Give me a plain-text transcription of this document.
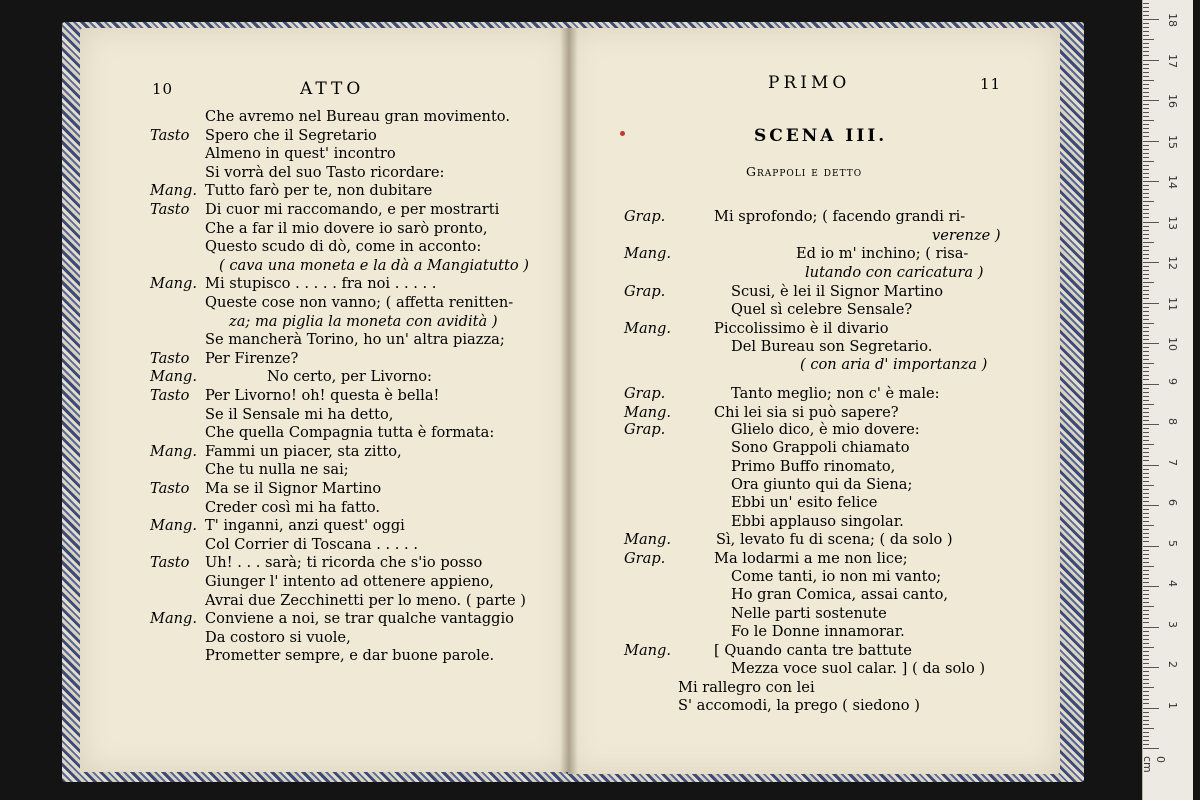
10	ATTO
Che avremo nel Bureau gran movimento.
Tasto Spero che il Segretario
Almeno in quest' incontro
Si vorrà del suo Tasto ricordare:
Mang. Tutto farò per te, non dubitare
Tasto Di cuor mi raccomando, e per mostrarti
Che a far il mio dovere io sarò pronto,
Questo scudo di dò, come in acconto:
( cava una moneta e la dà a Mangiatutto )
Mang. Mi stupisco . . . . . fra noi . . . . .
Queste cose non vanno; ( affetta renitten-
za; ma piglia la moneta con avidità )
Se mancherà Torino, ho un' altra piazza;
Tasto Per Firenze?
Mang.	No certo, per Livorno:
Tasto Per Livorno! oh! questa è bella!
Se il Sensale mi ha detto,
Che quella Compagnia tutta è formata:
Mang. Fammi un piacer, sta zitto,
Che tu nulla ne sai;
Tasto Ma se il Signor Martino
Creder così mi ha fatto.
Mang. T' inganni, anzi quest' oggi
Col Corrier di Toscana . . . . .
Tasto Uh! . . . sarà; ti ricorda che s'io posso
Giunger l' intento ad ottenere appieno,
Avrai due Zecchinetti per lo meno. ( parte )
Mang. Conviene a noi, se trar qualche vantaggio
Da costoro si vuole,
Prometter sempre, e dar buone parole.
PRIMO	11
SCENA III.
Grappoli e detto
Grap.	Mi sprofondo; ( facendo grandi ri-
verenze )
Mang.	Ed io m' inchino; ( risa-
lutando con caricatura )
Grap.	Scusi, è lei il Signor Martino
Quel sì celebre Sensale?
Mang.	Piccolissimo è il divario
Del Bureau son Segretario.
( con aria d' importanza )
Grap.	Tanto meglio; non c' è male:
Mang.	Chi lei sia si può sapere?
Grap.	Glielo dico, è mio dovere:
Sono Grappoli chiamato
Primo Buffo rinomato,
Ora giunto qui da Siena;
Ebbi un' esito felice
Ebbi applauso singolar.
Mang.	Sì, levato fu di scena; ( da solo )
Grap.	Ma lodarmi a me non lice;
Come tanti, io non mi vanto;
Ho gran Comica, assai canto,
Nelle parti sostenute
Fo le Donne innamorar.
Mang.	[ Quando canta tre battute
Mezza voce suol calar. ] ( da solo )
Mi rallegro con lei
S' accomodi, la prego ( siedono )
0 cm
1
2
3
4
5
6
7
8
9
10
11
12
13
14
15
16
17
18
